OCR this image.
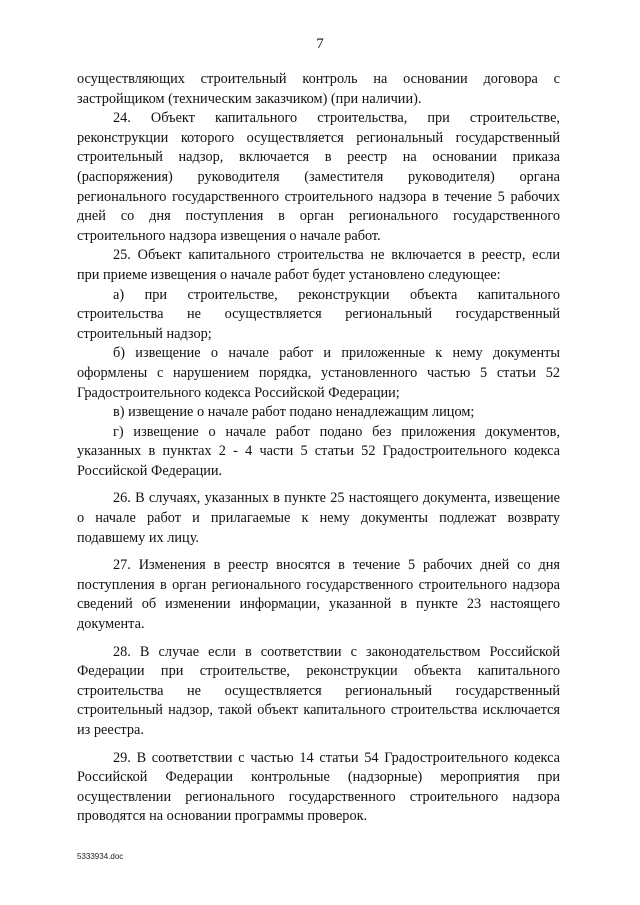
7

осуществляющих строительный контроль на основании договора с застройщиком (техническим заказчиком) (при наличии).

24. Объект капитального строительства, при строительстве, реконструкции которого осуществляется региональный государственный строительный надзор, включается в реестр на основании приказа (распоряжения) руководителя (заместителя руководителя) органа регионального государственного строительного надзора в течение 5 рабочих дней со дня поступления в орган регионального государственного строительного надзора извещения о начале работ.

25. Объект капитального строительства не включается в реестр, если при приеме извещения о начале работ будет установлено следующее:

а) при строительстве, реконструкции объекта капитального строительства не осуществляется региональный государственный строительный надзор;

б) извещение о начале работ и приложенные к нему документы оформлены с нарушением порядка, установленного частью 5 статьи 52 Градостроительного кодекса Российской Федерации;

в) извещение о начале работ подано ненадлежащим лицом;

г) извещение о начале работ подано без приложения документов, указанных в пунктах 2 - 4 части 5 статьи 52 Градостроительного кодекса Российской Федерации.

26. В случаях, указанных в пункте 25 настоящего документа, извещение о начале работ и прилагаемые к нему документы подлежат возврату подавшему их лицу.

27. Изменения в реестр вносятся в течение 5 рабочих дней со дня поступления в орган регионального государственного строительного надзора сведений об изменении информации, указанной в пункте 23 настоящего документа.

28. В случае если в соответствии с законодательством Российской Федерации при строительстве, реконструкции объекта капитального строительства не осуществляется региональный государственный строительный надзор, такой объект капитального строительства исключается из реестра.

29. В соответствии с частью 14 статьи 54 Градостроительного кодекса Российской Федерации контрольные (надзорные) мероприятия при осуществлении регионального государственного строительного надзора проводятся на основании программы проверок.

5333934.doc
